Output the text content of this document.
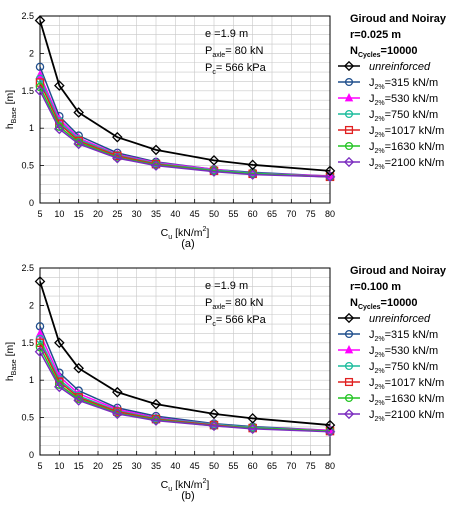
5 10 15 20 25 30 35 40 45 50 55 60 65 70 75 80
0
0.5
1
1.5
2
2.5
$C_u$ $[kN/m^2]$
$h_{Base}$ [m]
(a)
e =1.9 m
$P_{axle}= 80$ kN
$P_c= 566$ kPa
Giroud and Noiray
r=0.025 m
$N_{Cycles}=10000$
unreinforced
$J_{2\%}=315$ kN/m
$J_{2\%}=530$ kN/m
$J_{2\%}=750$ kN/m
$J_{2\%}=1017$ kN/m
$J_{2\%}=1630$ kN/m
$J_{2\%}=2100$ kN/m
5 10 15 20 25 30 35 40 45 50 55 60 65 70 75 80
0
0.5
1
1.5
2
2.5
$C_u$ $[kN/m^2]$
$h_{Base}$ [m]
(b)
e =1.9 m
$P_{axle}= 80$ kN
$P_c= 566$ kPa
Giroud and Noiray
r=0.100 m
$N_{Cycles}=10000$
unreinforced
$J_{2\%}=315$ kN/m
$J_{2\%}=530$ kN/m
$J_{2\%}=750$ kN/m
$J_{2\%}=1017$ kN/m
$J_{2\%}=1630$ kN/m
$J_{2\%}=2100$ kN/m
